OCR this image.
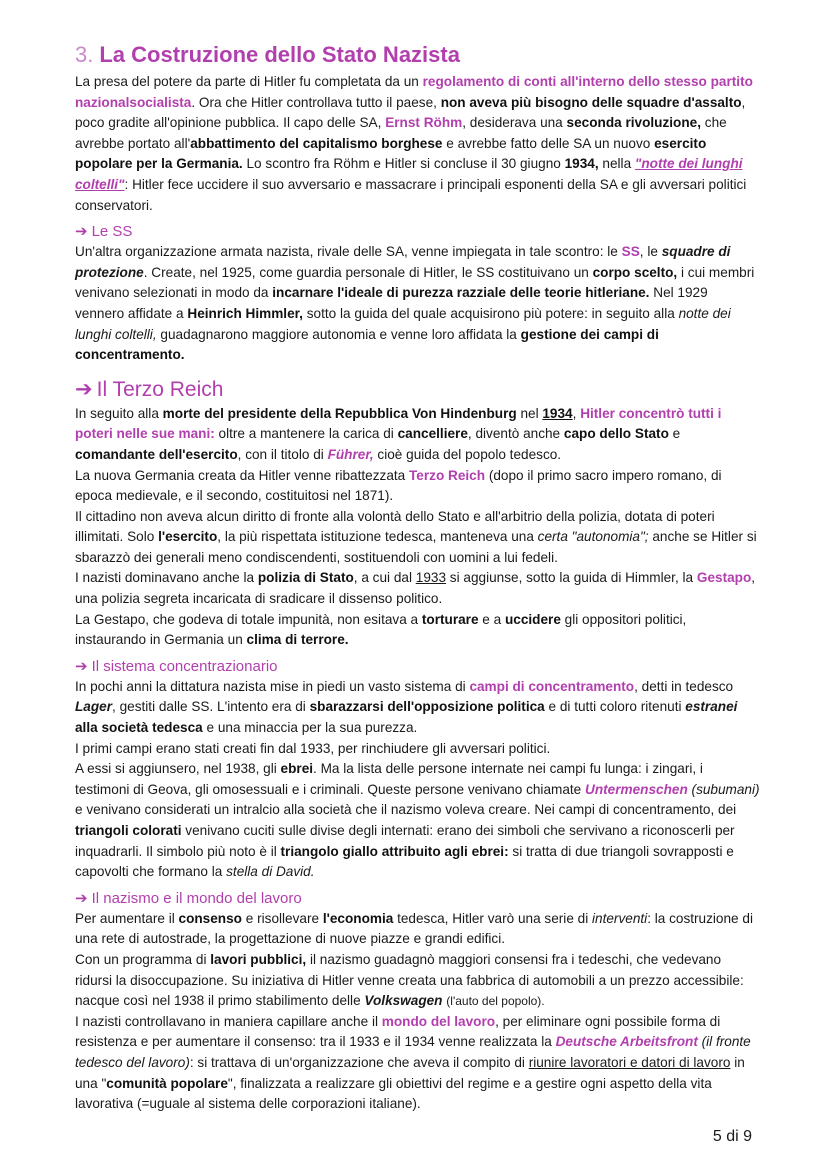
3. La Costruzione dello Stato Nazista

La presa del potere da parte di Hitler fu completata da un regolamento di conti all'interno dello stesso partito nazionalsocialista. Ora che Hitler controllava tutto il paese, non aveva più bisogno delle squadre d'assalto, poco gradite all'opinione pubblica. Il capo delle SA, Ernst Röhm, desiderava una seconda rivoluzione, che avrebbe portato all'abbattimento del capitalismo borghese e avrebbe fatto delle SA un nuovo esercito popolare per la Germania. Lo scontro fra Röhm e Hitler si concluse il 30 giugno 1934, nella "notte dei lunghi coltelli": Hitler fece uccidere il suo avversario e massacrare i principali esponenti della SA e gli avversari politici conservatori.

➔ Le SS

Un'altra organizzazione armata nazista, rivale delle SA, venne impiegata in tale scontro: le SS, le squadre di protezione. Create, nel 1925, come guardia personale di Hitler, le SS costituivano un corpo scelto, i cui membri venivano selezionati in modo da incarnare l'ideale di purezza razziale delle teorie hitleriane. Nel 1929 vennero affidate a Heinrich Himmler, sotto la guida del quale acquisirono più potere: in seguito alla notte dei lunghi coltelli, guadagnarono maggiore autonomia e venne loro affidata la gestione dei campi di concentramento.

➔ Il Terzo Reich

In seguito alla morte del presidente della Repubblica Von Hindenburg nel 1934, Hitler concentrò tutti i poteri nelle sue mani: oltre a mantenere la carica di cancelliere, diventò anche capo dello Stato e comandante dell'esercito, con il titolo di Führer, cioè guida del popolo tedesco.

La nuova Germania creata da Hitler venne ribattezzata Terzo Reich (dopo il primo sacro impero romano, di epoca medievale, e il secondo, costituitosi nel 1871).

Il cittadino non aveva alcun diritto di fronte alla volontà dello Stato e all'arbitrio della polizia, dotata di poteri illimitati. Solo l'esercito, la più rispettata istituzione tedesca, manteneva una certa "autonomia"; anche se Hitler si sbarazzò dei generali meno condiscendenti, sostituendoli con uomini a lui fedeli.

I nazisti dominavano anche la polizia di Stato, a cui dal 1933 si aggiunse, sotto la guida di Himmler, la Gestapo, una polizia segreta incaricata di sradicare il dissenso politico.

La Gestapo, che godeva di totale impunità, non esitava a torturare e a uccidere gli oppositori politici, instaurando in Germania un clima di terrore.

➔ Il sistema concentrazionario

In pochi anni la dittatura nazista mise in piedi un vasto sistema di campi di concentramento, detti in tedesco Lager, gestiti dalle SS. L'intento era di sbarazzarsi dell'opposizione politica e di tutti coloro ritenuti estranei alla società tedesca e una minaccia per la sua purezza.

I primi campi erano stati creati fin dal 1933, per rinchiudere gli avversari politici.

A essi si aggiunsero, nel 1938, gli ebrei. Ma la lista delle persone internate nei campi fu lunga: i zingari, i testimoni di Geova, gli omosessuali e i criminali. Queste persone venivano chiamate Untermenschen (subumani) e venivano considerati un intralcio alla società che il nazismo voleva creare. Nei campi di concentramento, dei triangoli colorati venivano cuciti sulle divise degli internati: erano dei simboli che servivano a riconoscerli per inquadrarli. Il simbolo più noto è il triangolo giallo attribuito agli ebrei: si tratta di due triangoli sovrapposti e capovolti che formano la stella di David.

➔ Il nazismo e il mondo del lavoro

Per aumentare il consenso e risollevare l'economia tedesca, Hitler varò una serie di interventi: la costruzione di una rete di autostrade, la progettazione di nuove piazze e grandi edifici.

Con un programma di lavori pubblici, il nazismo guadagnò maggiori consensi fra i tedeschi, che vedevano ridursi la disoccupazione. Su iniziativa di Hitler venne creata una fabbrica di automobili a un prezzo accessibile: nacque così nel 1938 il primo stabilimento delle Volkswagen (l'auto del popolo).

I nazisti controllavano in maniera capillare anche il mondo del lavoro, per eliminare ogni possibile forma di resistenza e per aumentare il consenso: tra il 1933 e il 1934 venne realizzata la Deutsche Arbeitsfront (il fronte tedesco del lavoro): si trattava di un'organizzazione che aveva il compito di riunire lavoratori e datori di lavoro in una "comunità popolare", finalizzata a realizzare gli obiettivi del regime e a gestire ogni aspetto della vita lavorativa (=uguale al sistema delle corporazioni italiane).

5 di 9
